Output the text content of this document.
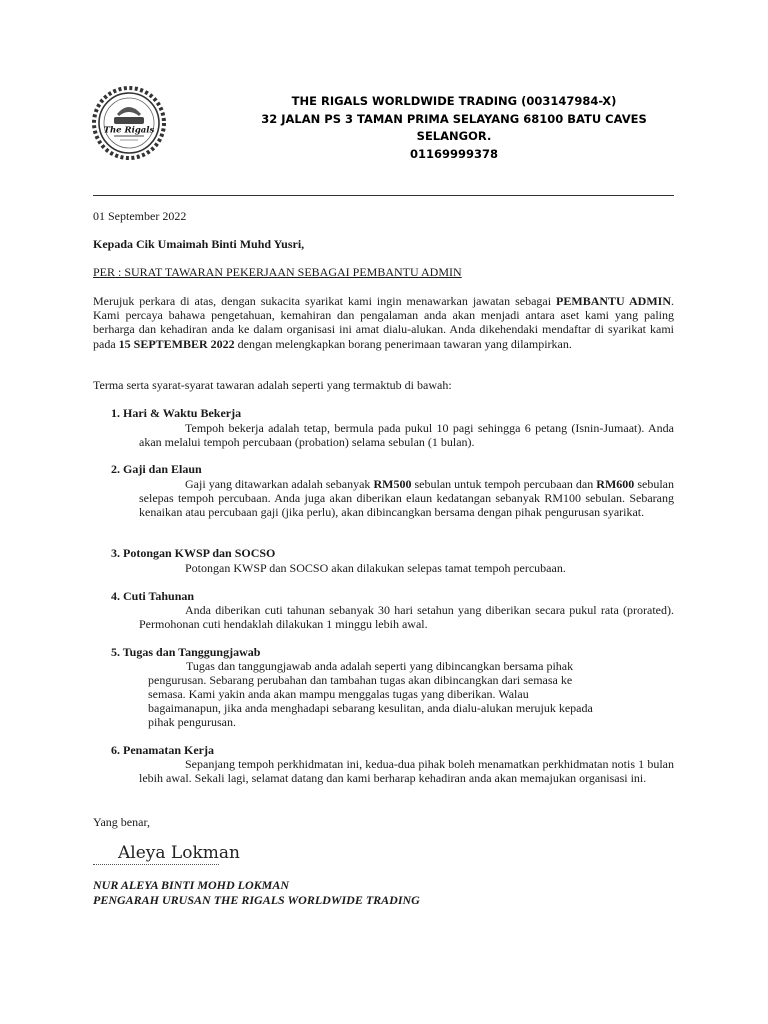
The Rigals
THE RIGALS WORLDWIDE TRADING (003147984-X)
32 JALAN PS 3 TAMAN PRIMA SELAYANG 68100 BATU CAVES
SELANGOR.
01169999378
01 September 2022
Kepada Cik Umaimah Binti Muhd Yusri,
PER : SURAT TAWARAN PEKERJAAN SEBAGAI PEMBANTU ADMIN

Merujuk perkara di atas, dengan sukacita syarikat kami ingin menawarkan jawatan sebagai PEMBANTU ADMIN. Kami percaya bahawa pengetahuan, kemahiran dan pengalaman anda akan menjadi antara aset kami yang paling berharga dan kehadiran anda ke dalam organisasi ini amat dialu-alukan. Anda dikehendaki mendaftar di syarikat kami pada 15 SEPTEMBER 2022 dengan melengkapkan borang penerimaan tawaran yang dilampirkan.

Terma serta syarat-syarat tawaran adalah seperti yang termaktub di bawah:
1. Hari & Waktu Bekerja

Tempoh bekerja adalah tetap, bermula pada pukul 10 pagi sehingga 6 petang (Isnin-Jumaat). Anda akan melalui tempoh percubaan (probation) selama sebulan (1 bulan).

2. Gaji dan Elaun

Gaji yang ditawarkan adalah sebanyak RM500 sebulan untuk tempoh percubaan dan RM600 sebulan selepas tempoh percubaan. Anda juga akan diberikan elaun kedatangan sebanyak RM100 sebulan. Sebarang kenaikan atau percubaan gaji (jika perlu), akan dibincangkan bersama dengan pihak pengurusan syarikat.

3. Potongan KWSP dan SOCSO

Potongan KWSP dan SOCSO akan dilakukan selepas tamat tempoh percubaan.

4. Cuti Tahunan

Anda diberikan cuti tahunan sebanyak 30 hari setahun yang diberikan secara pukul rata (prorated). Permohonan cuti hendaklah dilakukan 1 minggu lebih awal.

5. Tugas dan Tanggungjawab
Tugas dan tanggungjawab anda adalah seperti yang dibincangkan bersama pihak
pengurusan. Sebarang perubahan dan tambahan tugas akan dibincangkan dari semasa ke
semasa. Kami yakin anda akan mampu menggalas tugas yang diberikan. Walau
bagaimanapun, jika anda menghadapi sebarang kesulitan, anda dialu-alukan merujuk kepada
pihak pengurusan.
6. Penamatan Kerja

Sepanjang tempoh perkhidmatan ini, kedua-dua pihak boleh menamatkan perkhidmatan notis 1 bulan lebih awal. Sekali lagi, selamat datang dan kami berharap kehadiran anda akan memajukan organisasi ini.

Yang benar,
Aleya Lokman
NUR ALEYA BINTI MOHD LOKMAN
PENGARAH URUSAN THE RIGALS WORLDWIDE TRADING
